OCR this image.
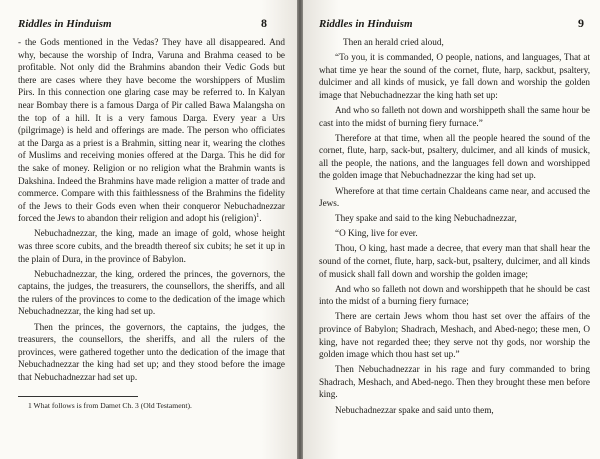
Riddles in Hinduism	8

- the Gods mentioned in the Vedas? They have all disappeared. And why, because the worship of Indra, Varuna and Brahma ceased to be profitable. Not only did the Brahmins abandon their Vedic Gods but there are cases where they have become the worshippers of Muslim Pirs. In this connection one glaring case may be referred to. In Kalyan near Bombay there is a famous Darga of Pir called Bawa Malangsha on the top of a hill. It is a very famous Darga. Every year a Urs (pilgrimage) is held and offerings are made. The person who officiates at the Darga as a priest is a Brahmin, sitting near it, wearing the clothes of Muslims and receiving monies offered at the Darga. This he did for the sake of money. Religion or no religion what the Brahmin wants is Dakshina. Indeed the Brahmins have made religion a matter of trade and commerce. Compare with this faithlessness of the Brahmins the fidelity of the Jews to their Gods even when their conqueror Nebuchadnezzar forced the Jews to abandon their religion and adopt his (religion)$^1$.

Nebuchadnezzar, the king, made an image of gold, whose height was three score cubits, and the breadth thereof six cubits; he set it up in the plain of Dura, in the province of Babylon.

Nebuchadnezzar, the king, ordered the princes, the governors, the captains, the judges, the treasurers, the counsellors, the sheriffs, and all the rulers of the provinces to come to the dedication of the image which Nebuchadnezzar, the king had set up.

Then the princes, the governors, the captains, the judges, the treasurers, the counsellors, the sheriffs, and all the rulers of the provinces, were gathered together unto the dedication of the image that Nebuchadnezzar the king had set up; and they stood before the image that Nebuchadnezzar had set up.

1 What follows is from Damet Ch. 3 (Old Testament).
Riddles in Hinduism	9

Then an herald cried aloud,

“To you, it is commanded, O people, nations, and languages, That at what time ye hear the sound of the cornet, flute, harp, sackbut, psaltery, dulcimer and all kinds of musick, ye fall down and worship the golden image that Nebuchadnezzar the king hath set up:

And who so falleth not down and worshippeth shall the same hour be cast into the midst of burning fiery furnace.”

Therefore at that time, when all the people heared the sound of the cornet, flute, harp, sack-but, psaltery, dulcimer, and all kinds of musick, all the people, the nations, and the languages fell down and worshipped the golden image that Nebuchadnezzar the king had set up.

Wherefore at that time certain Chaldeans came near, and accused the Jews.

They spake and said to the king Nebuchadnezzar,

“O King, live for ever.

Thou, O king, hast made a decree, that every man that shall hear the sound of the cornet, flute, harp, sack-but, psaltery, dulcimer, and all kinds of musick shall fall down and worship the golden image;

And who so falleth not down and worshippeth that he should be cast into the midst of a burning fiery furnace;

There are certain Jews whom thou hast set over the affairs of the province of Babylon; Shadrach, Meshach, and Abed-nego; these men, O king, have not regarded thee; they serve not thy gods, nor worship the golden image which thou hast set up.”

Then Nebuchadnezzar in his rage and fury commanded to bring Shadrach, Meshach, and Abed-nego. Then they brought these men before king.

Nebuchadnezzar spake and said unto them,
